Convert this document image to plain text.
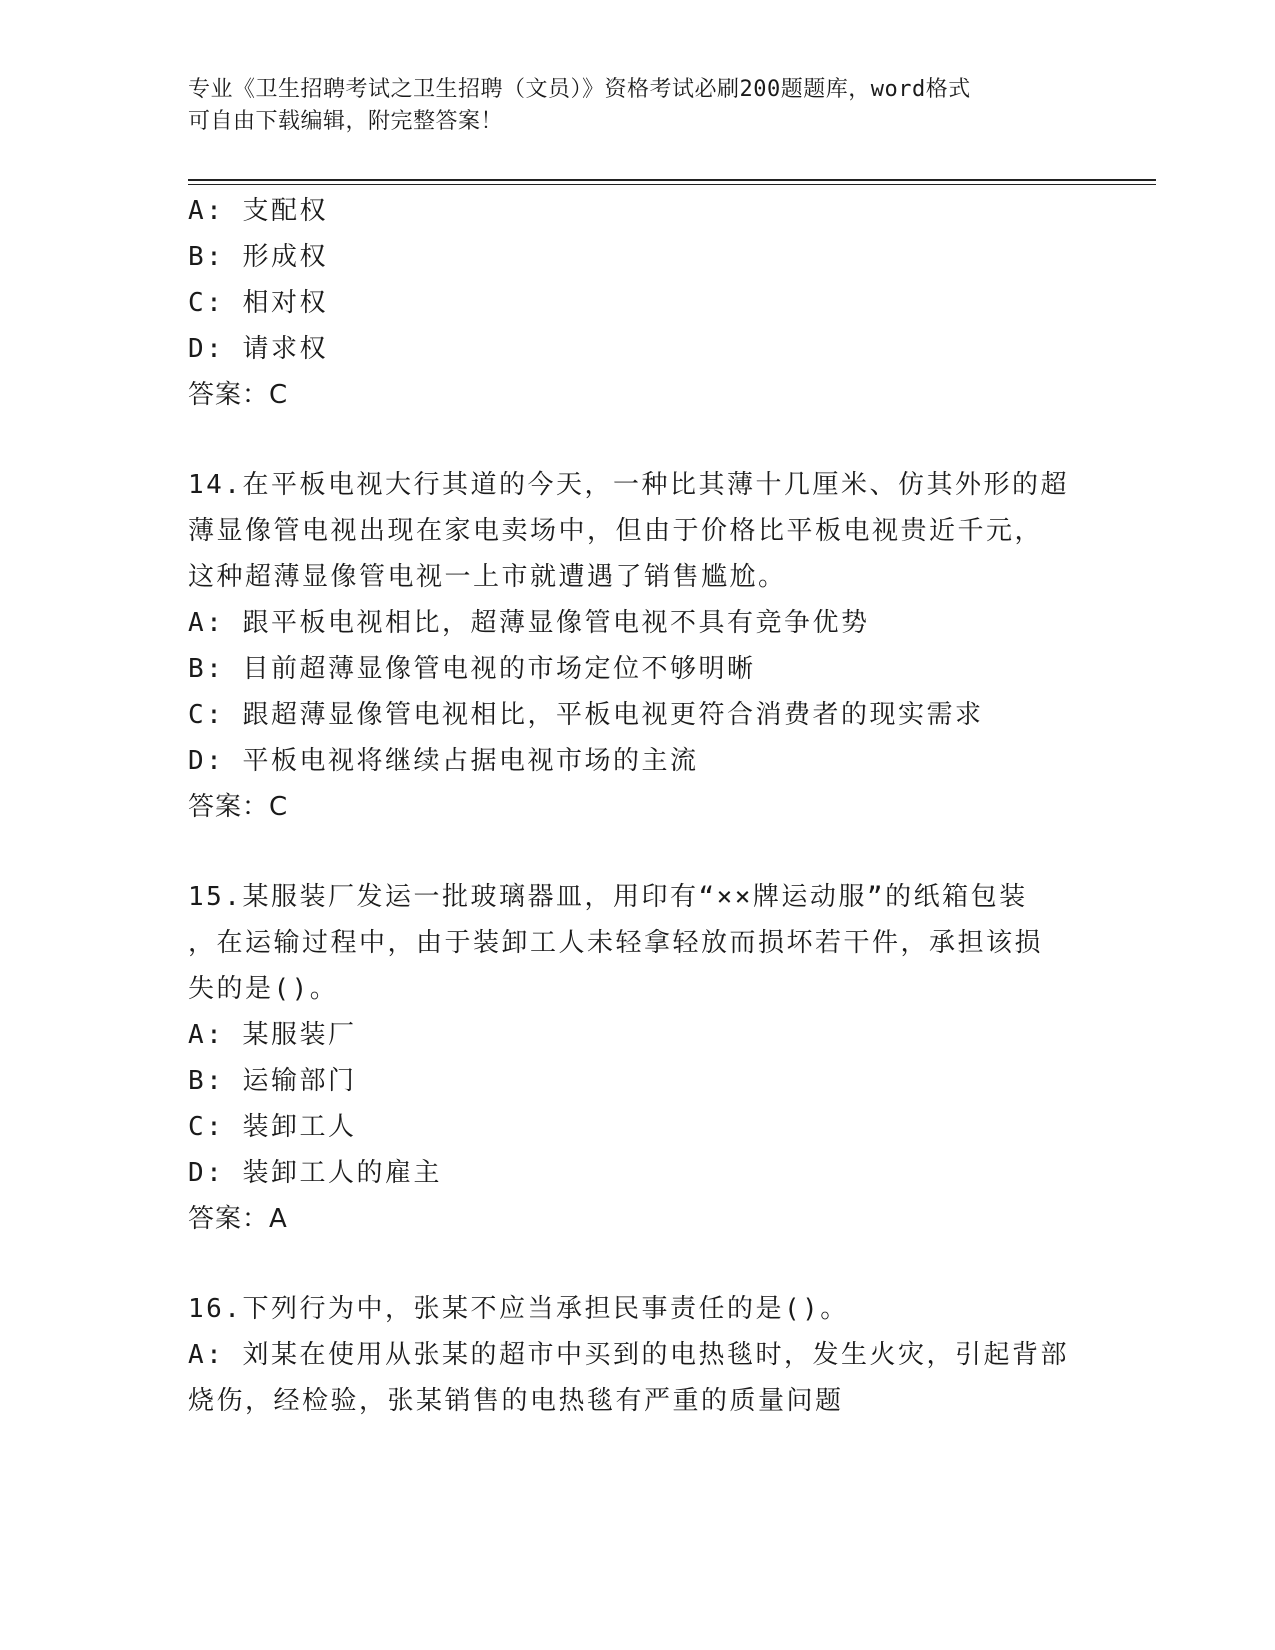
专业《卫生招聘考试之卫生招聘（文员）》资格考试必刷200题题库，word格式
可自由下载编辑，附完整答案！
A: 支配权
B: 形成权
C: 相对权
D: 请求权
答案：C
14.在平板电视大行其道的今天，一种比其薄十几厘米、仿其外形的超
薄显像管电视出现在家电卖场中，但由于价格比平板电视贵近千元，
这种超薄显像管电视一上市就遭遇了销售尴尬。
A: 跟平板电视相比，超薄显像管电视不具有竞争优势
B: 目前超薄显像管电视的市场定位不够明晰
C: 跟超薄显像管电视相比，平板电视更符合消费者的现实需求
D: 平板电视将继续占据电视市场的主流
答案：C
15.某服装厂发运一批玻璃器皿，用印有“××牌运动服”的纸箱包装
，在运输过程中，由于装卸工人未轻拿轻放而损坏若干件，承担该损
失的是()。
A: 某服装厂
B: 运输部门
C: 装卸工人
D: 装卸工人的雇主
答案：A
16.下列行为中，张某不应当承担民事责任的是()。
A: 刘某在使用从张某的超市中买到的电热毯时，发生火灾，引起背部
烧伤，经检验，张某销售的电热毯有严重的质量问题
